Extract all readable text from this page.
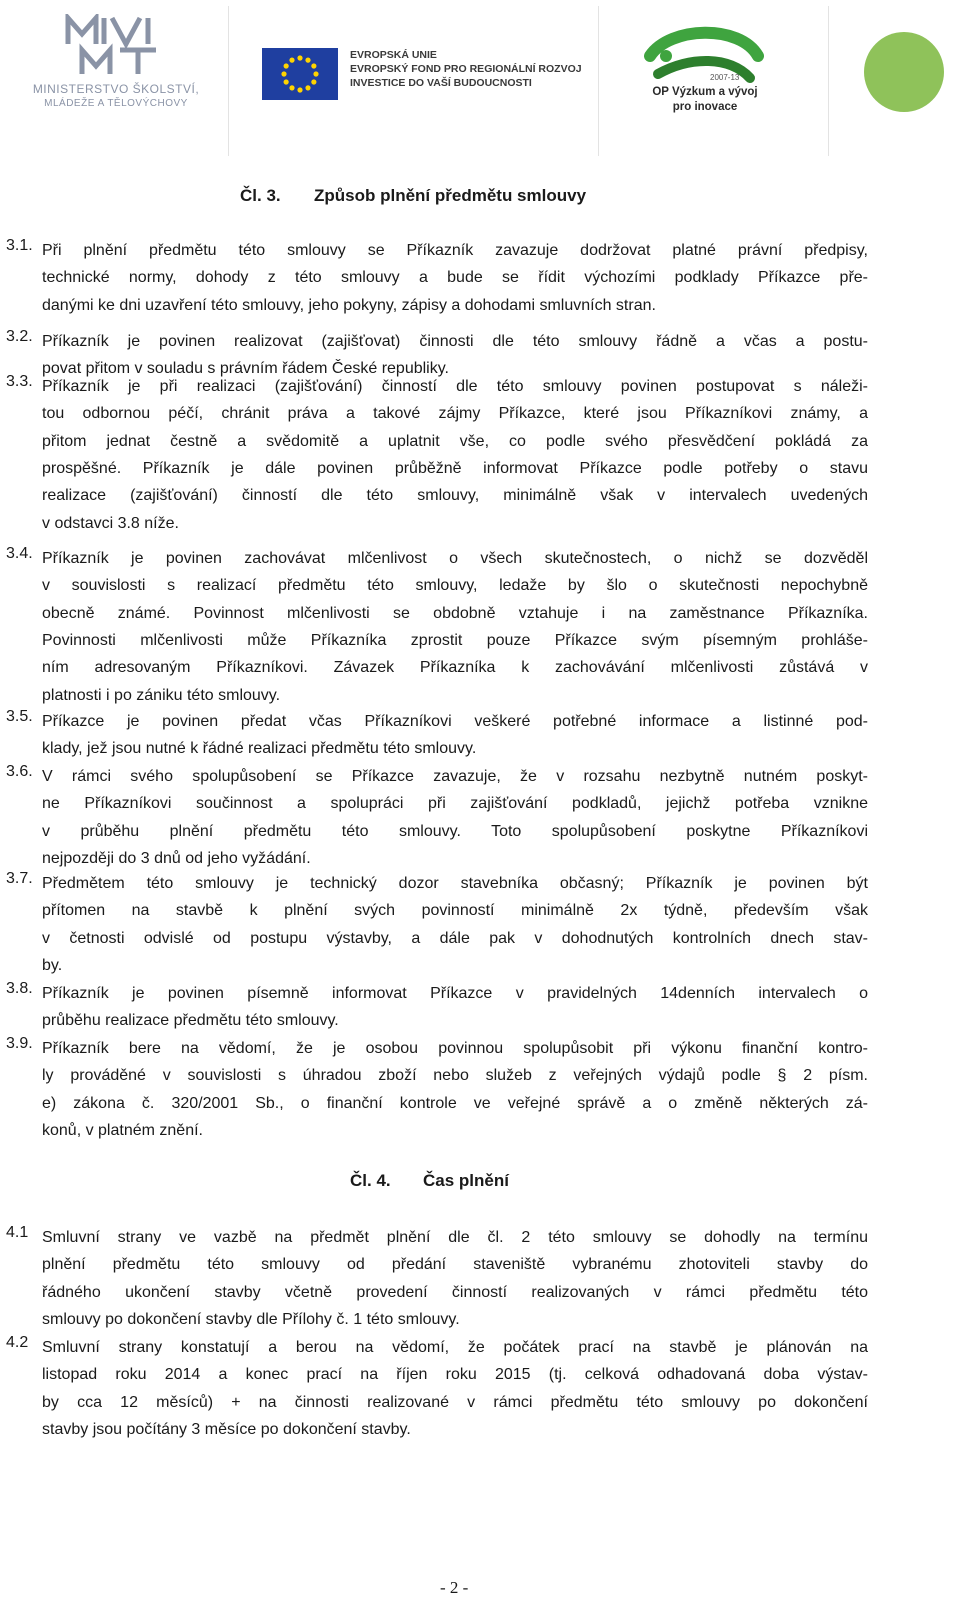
MINISTERSTVO ŠKOLSTVÍ,
MLÁDEŽE A TĚLOVÝCHOVY
EVROPSKÁ UNIE
EVROPSKÝ FOND PRO REGIONÁLNÍ ROZVOJ
INVESTICE DO VAŠÍ BUDOUCNOSTI	2007-13
OP Výzkum a vývoj
pro inovace
Čl. 3. Způsob plnění předmětu smlouvy
3.1. Při plnění předmětu této smlouvy se Příkazník zavazuje dodržovat platné právní předpisy,
technické normy, dohody z této smlouvy a bude se řídit výchozími podklady Příkazce pře-
danými ke dni uzavření této smlouvy, jeho pokyny, zápisy a dohodami smluvních stran.
3.2. Příkazník je povinen realizovat (zajišťovat) činnosti dle této smlouvy řádně a včas a postu-
povat přitom v souladu s právním řádem České republiky.
3.3. Příkazník je při realizaci (zajišťování) činností dle této smlouvy povinen postupovat s náleži-
tou odbornou péčí, chránit práva a takové zájmy Příkazce, které jsou Příkazníkovi známy, a
přitom jednat čestně a svědomitě a uplatnit vše, co podle svého přesvědčení pokládá za
prospěšné. Příkazník je dále povinen průběžně informovat Příkazce podle potřeby o stavu
realizace (zajišťování) činností dle této smlouvy, minimálně však v intervalech uvedených
v odstavci 3.8 níže.
3.4. Příkazník je povinen zachovávat mlčenlivost o všech skutečnostech, o nichž se dozvěděl
v souvislosti s realizací předmětu této smlouvy, ledaže by šlo o skutečnosti nepochybně
obecně známé. Povinnost mlčenlivosti se obdobně vztahuje i na zaměstnance Příkazníka.
Povinnosti mlčenlivosti může Příkazníka zprostit pouze Příkazce svým písemným prohláše-
ním adresovaným Příkazníkovi. Závazek Příkazníka k zachovávání mlčenlivosti zůstává v
platnosti i po zániku této smlouvy.
3.5. Příkazce je povinen předat včas Příkazníkovi veškeré potřebné informace a listinné pod-
klady, jež jsou nutné k řádné realizaci předmětu této smlouvy.
3.6. V rámci svého spolupůsobení se Příkazce zavazuje, že v rozsahu nezbytně nutném poskyt-
ne Příkazníkovi součinnost a spolupráci při zajišťování podkladů, jejichž potřeba vznikne
v průběhu plnění předmětu této smlouvy. Toto spolupůsobení poskytne Příkazníkovi
nejpozději do 3 dnů od jeho vyžádání.
3.7. Předmětem této smlouvy je technický dozor stavebníka občasný; Příkazník je povinen být
přítomen na stavbě k plnění svých povinností minimálně 2x týdně, především však
v četnosti odvislé od postupu výstavby, a dále pak v dohodnutých kontrolních dnech stav-
by.
3.8. Příkazník je povinen písemně informovat Příkazce v pravidelných 14denních intervalech o
průběhu realizace předmětu této smlouvy.
3.9. Příkazník bere na vědomí, že je osobou povinnou spolupůsobit při výkonu finanční kontro-
ly prováděné v souvislosti s úhradou zboží nebo služeb z veřejných výdajů podle § 2 písm.
e) zákona č. 320/2001 Sb., o finanční kontrole ve veřejné správě a o změně některých zá-
konů, v platném znění.
Čl. 4. Čas plnění
4.1 Smluvní strany ve vazbě na předmět plnění dle čl. 2 této smlouvy se dohodly na termínu
plnění předmětu této smlouvy od předání staveniště vybranému zhotoviteli stavby do
řádného ukončení stavby včetně provedení činností realizovaných v rámci předmětu této
smlouvy po dokončení stavby dle Přílohy č. 1 této smlouvy.
4.2 Smluvní strany konstatují a berou na vědomí, že počátek prací na stavbě je plánován na
listopad roku 2014 a konec prací na říjen roku 2015 (tj. celková odhadovaná doba výstav-
by cca 12 měsíců) + na činnosti realizované v rámci předmětu této smlouvy po dokončení
stavby jsou počítány 3 měsíce po dokončení stavby.
- 2 -
